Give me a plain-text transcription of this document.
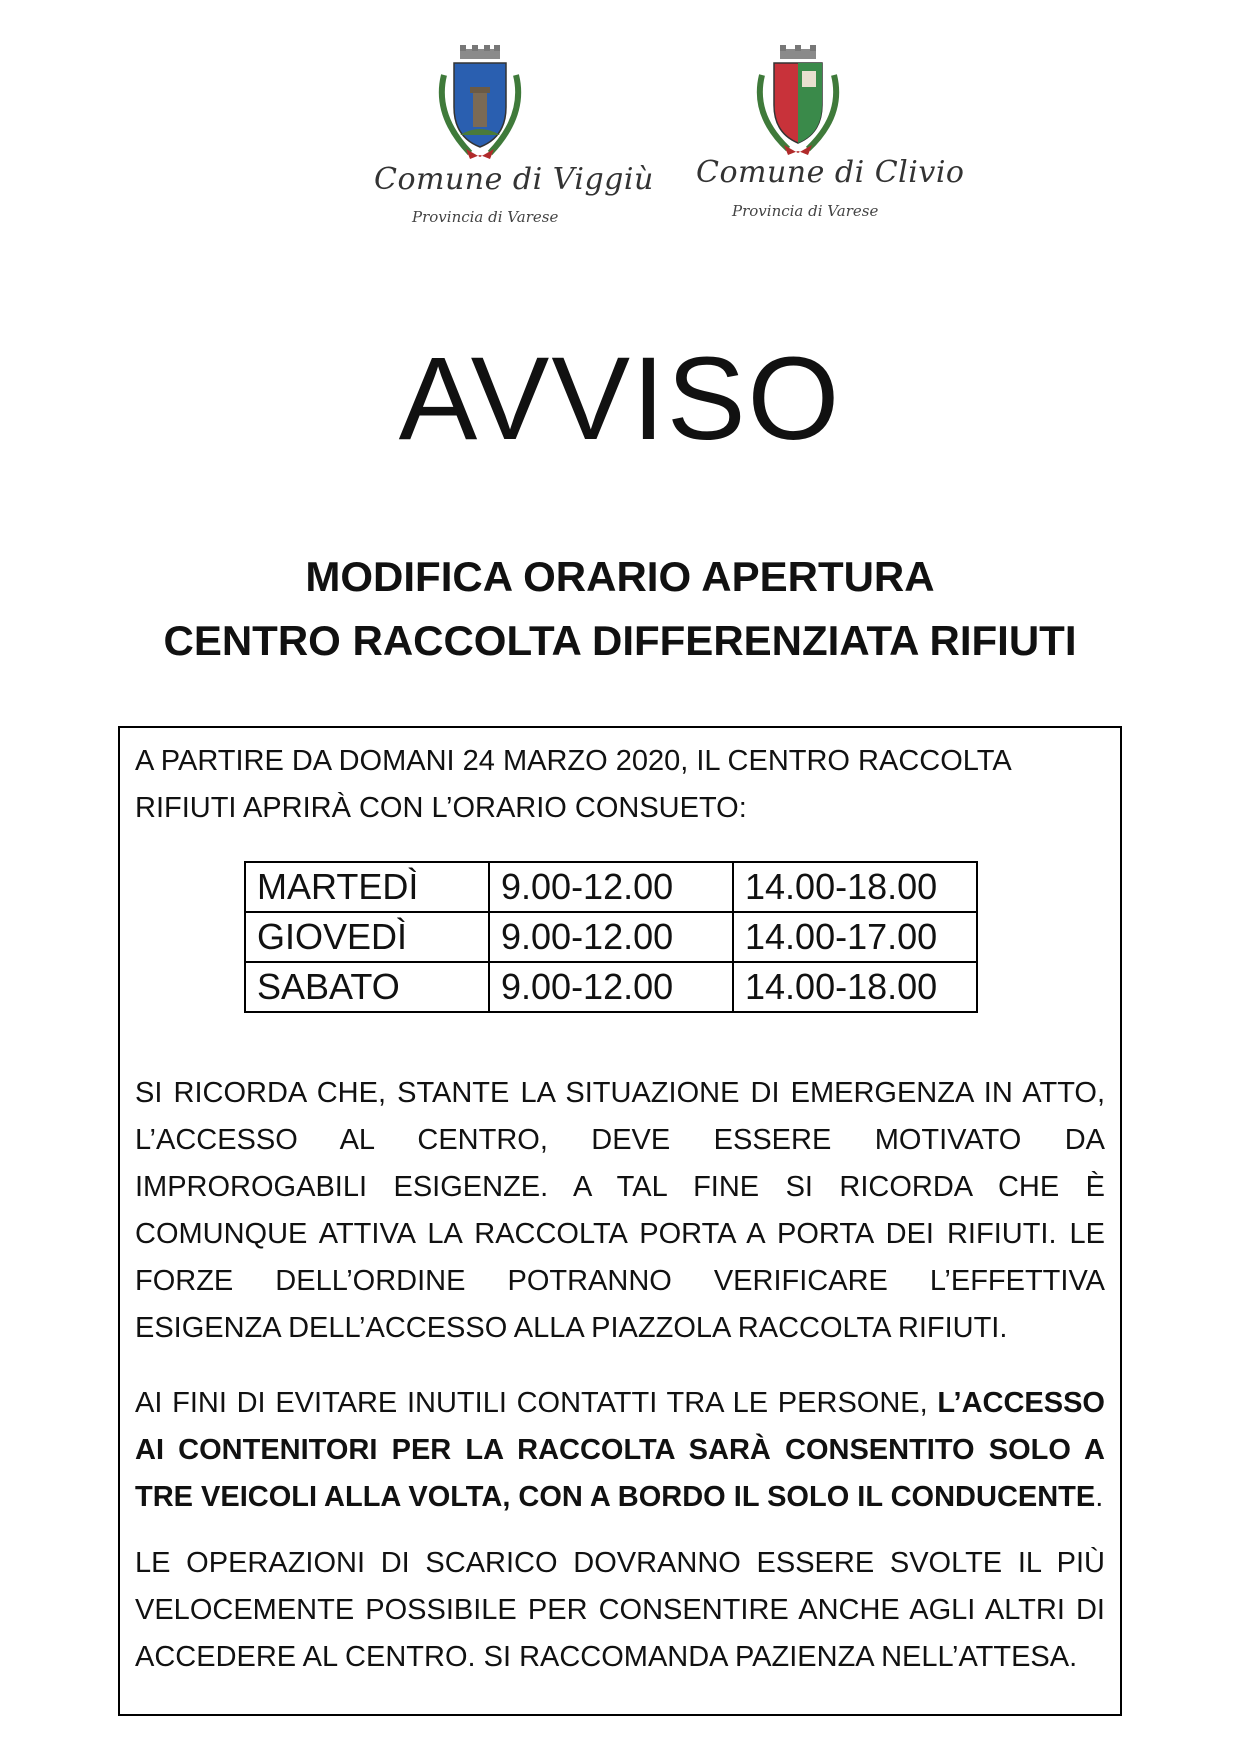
Comune di Viggiù
Provincia di Varese
Comune di Clivio
Provincia di Varese
AVVISO
MODIFICA ORARIO APERTURA
CENTRO RACCOLTA DIFFERENZIATA RIFIUTI

A PARTIRE DA DOMANI 24 MARZO 2020, IL CENTRO RACCOLTA RIFIUTI APRIRÀ CON L’ORARIO CONSUETO:

MARTEDÌ	9.00-12.00	14.00-18.00
GIOVEDÌ	9.00-12.00	14.00-17.00
SABATO	9.00-12.00	14.00-18.00

SI RICORDA CHE, STANTE LA SITUAZIONE DI EMERGENZA IN ATTO, L’ACCESSO AL CENTRO, DEVE ESSERE MOTIVATO DA IMPROROGABILI ESIGENZE. A TAL FINE SI RICORDA CHE È COMUNQUE ATTIVA LA RACCOLTA PORTA A PORTA DEI RIFIUTI. LE FORZE DELL’ORDINE POTRANNO VERIFICARE L’EFFETTIVA ESIGENZA DELL’ACCESSO ALLA PIAZZOLA RACCOLTA RIFIUTI.

AI FINI DI EVITARE INUTILI CONTATTI TRA LE PERSONE, L’ACCESSO AI CONTENITORI PER LA RACCOLTA SARÀ CONSENTITO SOLO A TRE VEICOLI ALLA VOLTA, CON A BORDO IL SOLO IL CONDUCENTE.

LE OPERAZIONI DI SCARICO DOVRANNO ESSERE SVOLTE IL PIÙ VELOCEMENTE POSSIBILE PER CONSENTIRE ANCHE AGLI ALTRI DI ACCEDERE AL CENTRO. SI RACCOMANDA PAZIENZA NELL’ATTESA.
